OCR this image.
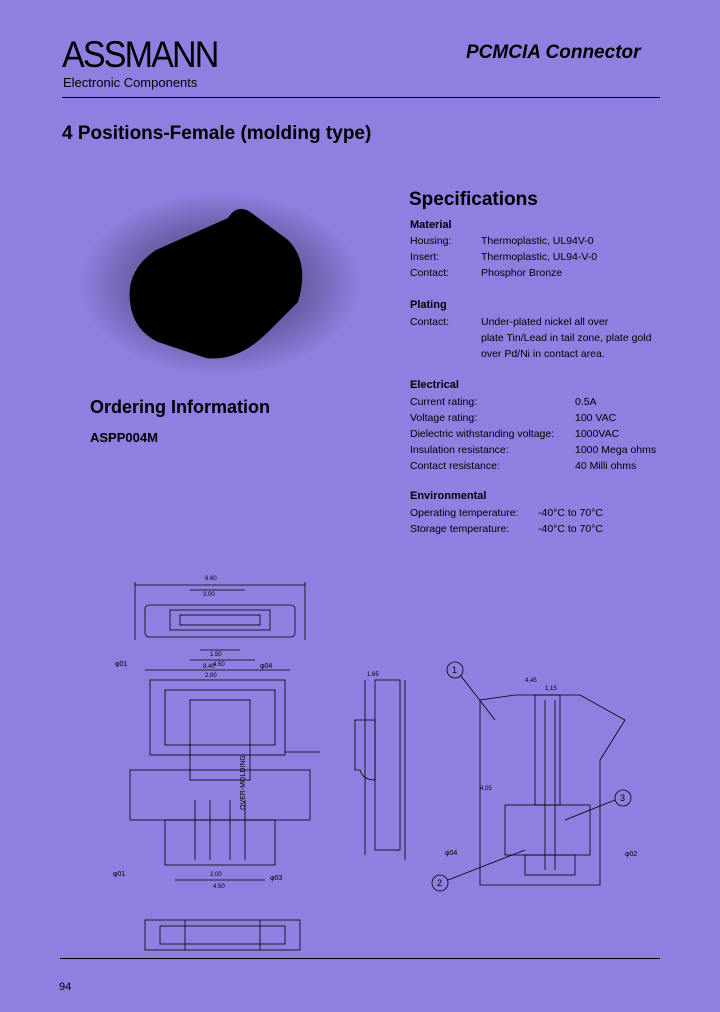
ASSMANN
Electronic Components
PCMCIA Connector
4 Positions-Female (molding type)
Specifications
Material
Housing:	Thermoplastic, UL94V-0
Insert:	Thermoplastic, UL94-V-0
Contact:	Phosphor Bronze
Plating
Contact:	Under-plated nickel all over
plate Tin/Lead in tail zone, plate gold
over Pd/Ni in contact area.
Electrical
Current rating:	0.5A
Voltage rating:	100 VAC
Dielectric withstanding voltage: 1000VAC
Insulation resistance:	1000 Mega ohms
Contact resistance:	40 Milli ohms
Environmental
Operating temperature: -40°C to 70°C
Storage temperature:	-40°C to 70°C
Ordering Information
ASPP004M
6.60
3.00
1.50
4.50
φ01	φ04
8.40
2.00
2.00
4.50
OVER-MOLDING
φ01
φ03
1.65	1
3
2
4.45
1.15
4.05
φ04	φ02
94
